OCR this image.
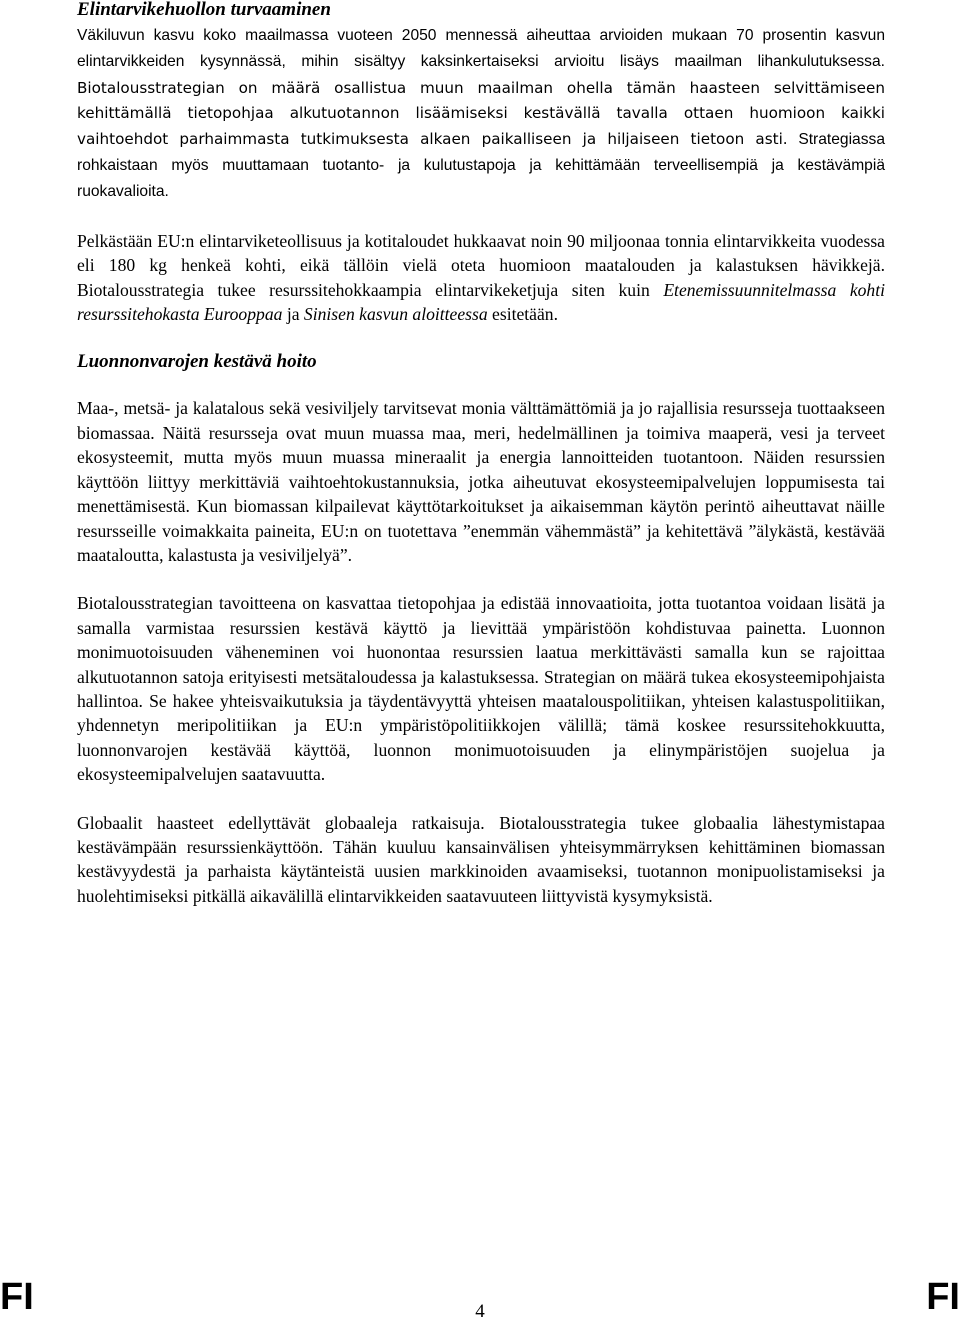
Elintarvikehuollon turvaaminen

Väkiluvun kasvu koko maailmassa vuoteen 2050 mennessä aiheuttaa arvioiden mukaan 70 prosentin kasvun elintarvikkeiden kysynnässä, mihin sisältyy kaksinkertaiseksi arvioitu lisäys maailman lihankulutuksessa. Biotalousstrategian on määrä osallistua muun maailman ohella tämän haasteen selvittämiseen kehittämällä tietopohjaa alkutuotannon lisäämiseksi kestävällä tavalla ottaen huomioon kaikki vaihtoehdot parhaimmasta tutkimuksesta alkaen paikalliseen ja hiljaiseen tietoon asti. Strategiassa rohkaistaan myös muuttamaan tuotanto- ja kulutustapoja ja kehittämään terveellisempiä ja kestävämpiä ruokavalioita.

Pelkästään EU:n elintarviketeollisuus ja kotitaloudet hukkaavat noin 90 miljoonaa tonnia elintarvikkeita vuodessa eli 180 kg henkeä kohti, eikä tällöin vielä oteta huomioon maatalouden ja kalastuksen hävikkejä. Biotalousstrategia tukee resurssitehokkaampia elintarvikeketjuja siten kuin Etenemissuunnitelmassa kohti resurssitehokasta Eurooppaa ja Sinisen kasvun aloitteessa esitetään.

Luonnonvarojen kestävä hoito

Maa-, metsä- ja kalatalous sekä vesiviljely tarvitsevat monia välttämättömiä ja jo rajallisia resursseja tuottaakseen biomassaa. Näitä resursseja ovat muun muassa maa, meri, hedelmällinen ja toimiva maaperä, vesi ja terveet ekosysteemit, mutta myös muun muassa mineraalit ja energia lannoitteiden tuotantoon. Näiden resurssien käyttöön liittyy merkittäviä vaihtoehtokustannuksia, jotka aiheutuvat ekosysteemipalvelujen loppumisesta tai menettämisestä. Kun biomassan kilpailevat käyttötarkoitukset ja aikaisemman käytön perintö aiheuttavat näille resursseille voimakkaita paineita, EU:n on tuotettava ”enemmän vähemmästä” ja kehitettävä ”älykästä, kestävää maataloutta, kalastusta ja vesiviljelyä”.

Biotalousstrategian tavoitteena on kasvattaa tietopohjaa ja edistää innovaatioita, jotta tuotantoa voidaan lisätä ja samalla varmistaa resurssien kestävä käyttö ja lievittää ympäristöön kohdistuvaa painetta. Luonnon monimuotoisuuden väheneminen voi huonontaa resurssien laatua merkittävästi samalla kun se rajoittaa alkutuotannon satoja erityisesti metsätaloudessa ja kalastuksessa. Strategian on määrä tukea ekosysteemipohjaista hallintoa. Se hakee yhteisvaikutuksia ja täydentävyyttä yhteisen maatalouspolitiikan, yhteisen kalastuspolitiikan, yhdennetyn meripolitiikan ja EU:n ympäristöpolitiikkojen välillä; tämä koskee resurssitehokkuutta, luonnonvarojen kestävää käyttöä, luonnon monimuotoisuuden ja elinympäristöjen suojelua ja ekosysteemipalvelujen saatavuutta.

Globaalit haasteet edellyttävät globaaleja ratkaisuja. Biotalousstrategia tukee globaalia lähestymistapaa kestävämpään resurssienkäyttöön. Tähän kuuluu kansainvälisen yhteisymmärryksen kehittäminen biomassan kestävyydestä ja parhaista käytänteistä uusien markkinoiden avaamiseksi, tuotannon monipuolistamiseksi ja huolehtimiseksi pitkällä aikavälillä elintarvikkeiden saatavuuteen liittyvistä kysymyksistä.

FI	4	FI
